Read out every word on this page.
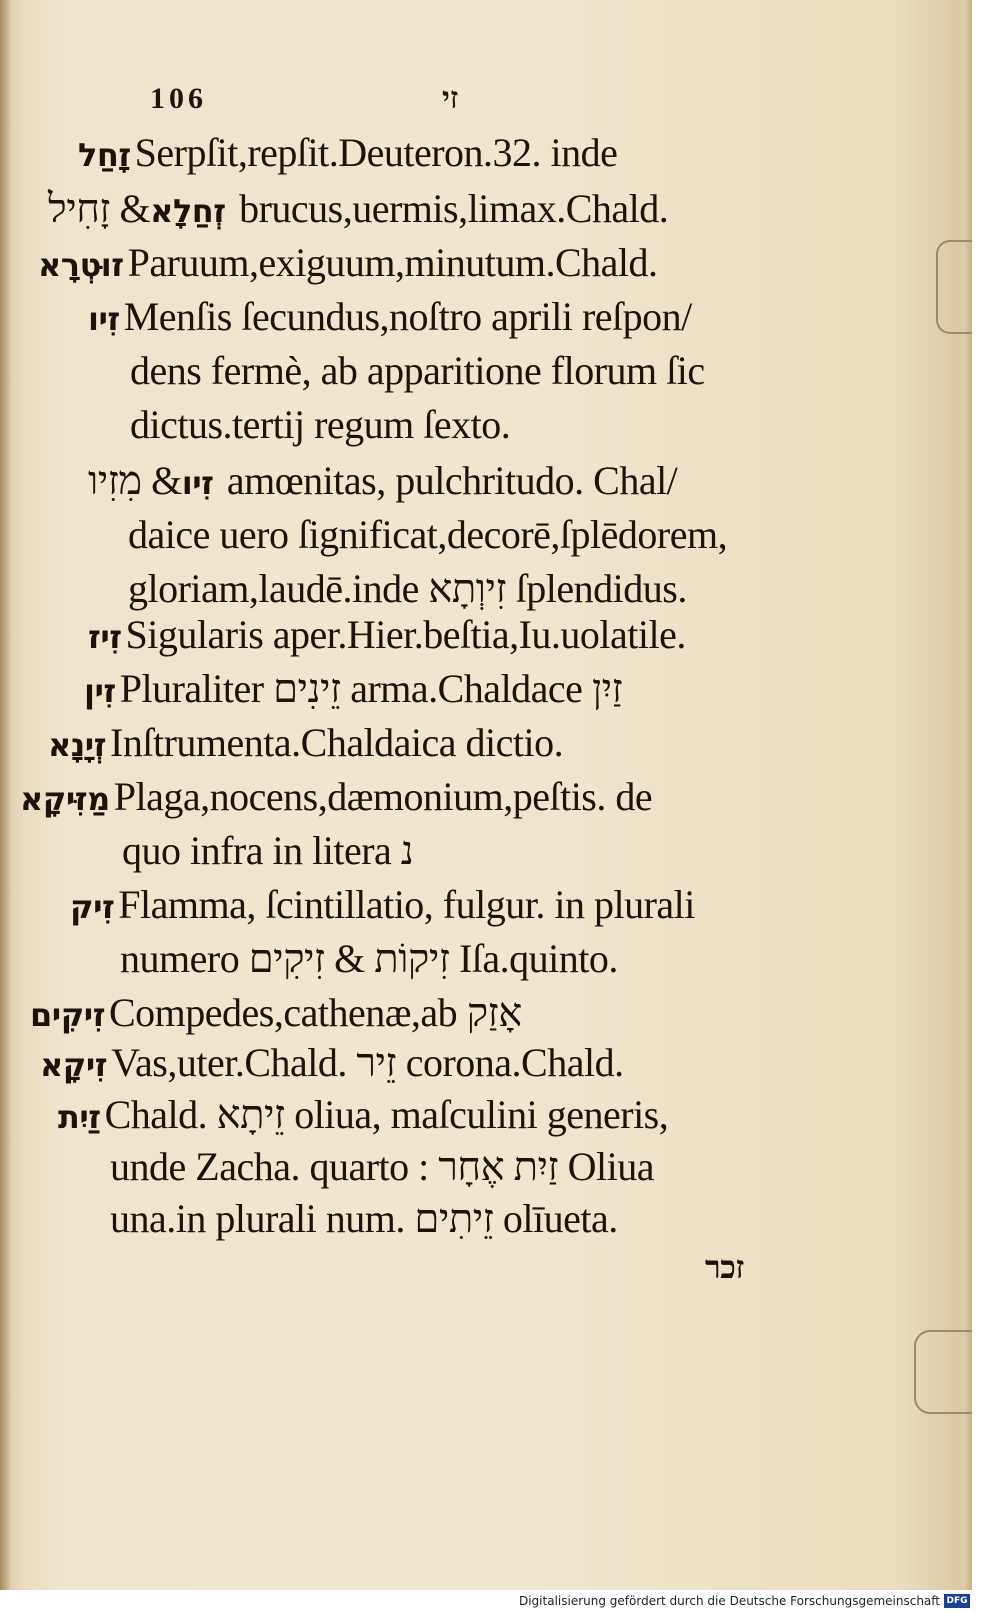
106	זי
זָחַל Serpſit,repſit.Deuteron.32. inde
זְחַלָא& זָחִיל brucus,uermis,limax.Chald.
זוּטְרָא Paruum,exiguum,minutum.Chald.
זִיו Menſis ſecundus,noſtro aprili reſpon/
dens fermè, ab apparitione florum ſic
dictus.tertij regum ſexto.
זִיו& מִזִיו amœnitas, pulchritudo. Chal/
daice uero ſignificat,decorē,ſplēdorem,
gloriam,laudē.inde זִיוְתָא ſplendidus.
זִיז Sigularis aper.Hier.beſtia,Iu.uolatile.
זִין Pluraliter זֵינִים arma.Chaldace זַיִן
זְיָנָא Inſtrumenta.Chaldaica dictio.
מַזִּיקָא Plaga,nocens,dæmonium,peſtis. de
quo infra in litera נ
זִיק Flamma, ſcintillatio, fulgur. in plurali
numero זִיקוֹת & זִיקִים Iſa.quinto.
זִיקִים Compedes,cathenæ,ab אָזַק
זִיקָא Vas,uter.Chald. זֵיר corona.Chald.
זַיִת Chald. זֵיתָא oliua, maſculini generis,
unde Zacha. quarto : זַיִת אֶחָר Oliua
una.in plurali num. זֵיתִים olīueta.
זכר
Digitalisierung gefördert durch die Deutsche Forschungsgemeinschaft DFG
